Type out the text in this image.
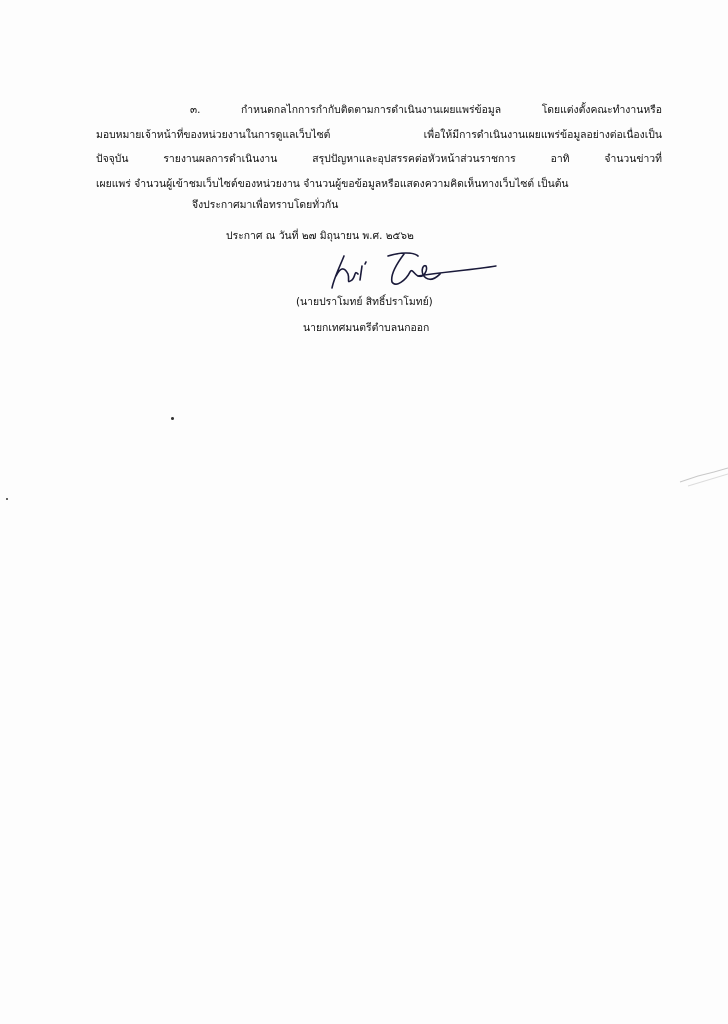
๓. กำหนดกลไกการกำกับติดตามการดำเนินงานเผยแพร่ข้อมูล โดยแต่งตั้งคณะทำงานหรือ
มอบหมายเจ้าหน้าที่ของหน่วยงานในการดูแลเว็บไซต์ เพื่อให้มีการดำเนินงานเผยแพร่ข้อมูลอย่างต่อเนื่องเป็น
ปัจจุบัน รายงานผลการดำเนินงาน สรุปปัญหาและอุปสรรคต่อหัวหน้าส่วนราชการ อาทิ จำนวนข่าวที่
เผยแพร่ จำนวนผู้เข้าชมเว็บไซต์ของหน่วยงาน จำนวนผู้ขอข้อมูลหรือแสดงความคิดเห็นทางเว็บไซต์ เป็นต้น
จึงประกาศมาเพื่อทราบโดยทั่วกัน
ประกาศ ณ วันที่ ๒๗ มิถุนายน พ.ศ. ๒๕๖๒
(นายปราโมทย์ สิทธิ์ปราโมทย์)
นายกเทศมนตรีตำบลนกออก
